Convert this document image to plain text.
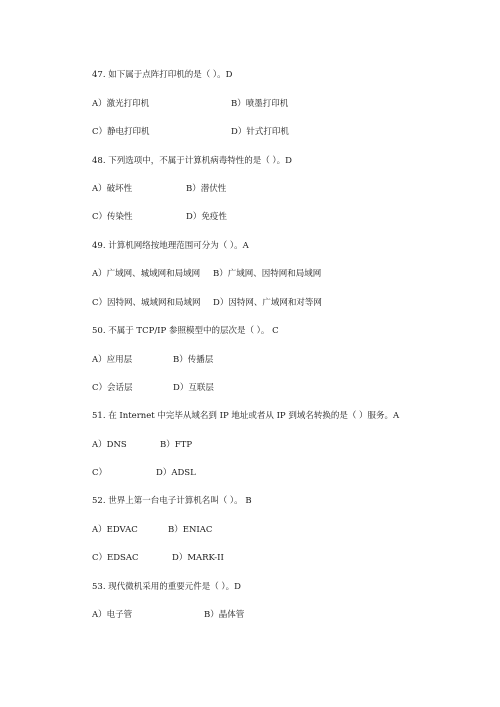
47. 如下属于点阵打印机的是（ ）。D
A）激光打印机	B）喷墨打印机
C）静电打印机	D）针式打印机
48. 下列选项中，不属于计算机病毒特性的是（ ）。D
A）破坏性	B）潜伏性
C）传染性	D）免疫性
49. 计算机网络按地理范围可分为（ ）。A
A）广域网、城域网和局域网 B）广域网、因特网和局域网
C）因特网、城域网和局域网 D）因特网、广域网和对等网
50. 不属于 TCP/IP 参照模型中的层次是（ ）。 C
A）应用层	B）传播层
C）会话层	D）互联层
51. 在 Internet 中完毕从域名到 IP 地址或者从 IP 到域名转换的是（ ）服务。A
A）DNS	B）FTP
C）	D）ADSL
52. 世界上第一台电子计算机名叫（ ）。 B
A）EDVAC	B）ENIAC
C）EDSAC	D）MARK-II
53. 现代微机采用的重要元件是（ ）。D
A）电子管	B）晶体管
